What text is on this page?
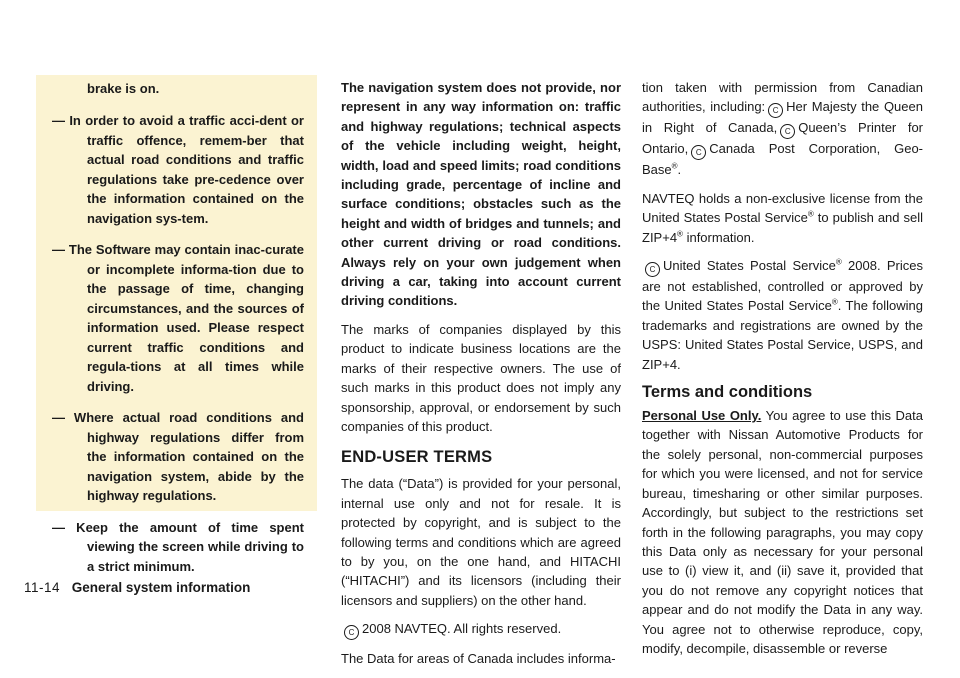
brake is on.
— In order to avoid a traffic acci-dent or traffic offence, remem-ber that actual road conditions and traffic regulations take pre-cedence over the information contained on the navigation sys-tem.
— The Software may contain inac-curate or incomplete informa-tion due to the passage of time, changing circumstances, and the sources of information used. Please respect current traffic conditions and regula-tions at all times while driving.
— Where actual road conditions and highway regulations differ from the information contained on the navigation system, abide by the highway regulations.
— Keep the amount of time spent viewing the screen while driving to a strict minimum.

The navigation system does not provide, nor represent in any way information on: traffic and highway regulations; technical aspects of the vehicle including weight, height, width, load and speed limits; road conditions including grade, percentage of incline and surface conditions; obstacles such as the height and width of bridges and tunnels; and other current driving or road conditions. Always rely on your own judgement when driving a car, taking into account current driving conditions.

The marks of companies displayed by this product to indicate business locations are the marks of their respective owners. The use of such marks in this product does not imply any sponsorship, approval, or endorsement by such companies of this product.

END-USER TERMS

The data (“Data”) is provided for your personal, internal use only and not for resale. It is protected by copyright, and is subject to the following terms and conditions which are agreed to by you, on the one hand, and HITACHI (“HITACHI”) and its licensors (including their licensors and suppliers) on the other hand.

C 2008 NAVTEQ. All rights reserved.

The Data for areas of Canada includes informa-

tion taken with permission from Canadian authorities, including: C Her Majesty the Queen in Right of Canada, C Queen’s Printer for Ontario, C Canada Post Corporation, Geo-Base®.

NAVTEQ holds a non-exclusive license from the United States Postal Service® to publish and sell ZIP+4® information.

C United States Postal Service® 2008. Prices are not established, controlled or approved by the United States Postal Service®. The following trademarks and registrations are owned by the USPS: United States Postal Service, USPS, and ZIP+4.

Terms and conditions

Personal Use Only. You agree to use this Data together with Nissan Automotive Products for the solely personal, non-commercial purposes for which you were licensed, and not for service bureau, timesharing or other similar purposes. Accordingly, but subject to the restrictions set forth in the following paragraphs, you may copy this Data only as necessary for your personal use to (i) view it, and (ii) save it, provided that you do not remove any copyright notices that appear and do not modify the Data in any way. You agree not to otherwise reproduce, copy, modify, decompile, disassemble or reverse

11-14 General system information
